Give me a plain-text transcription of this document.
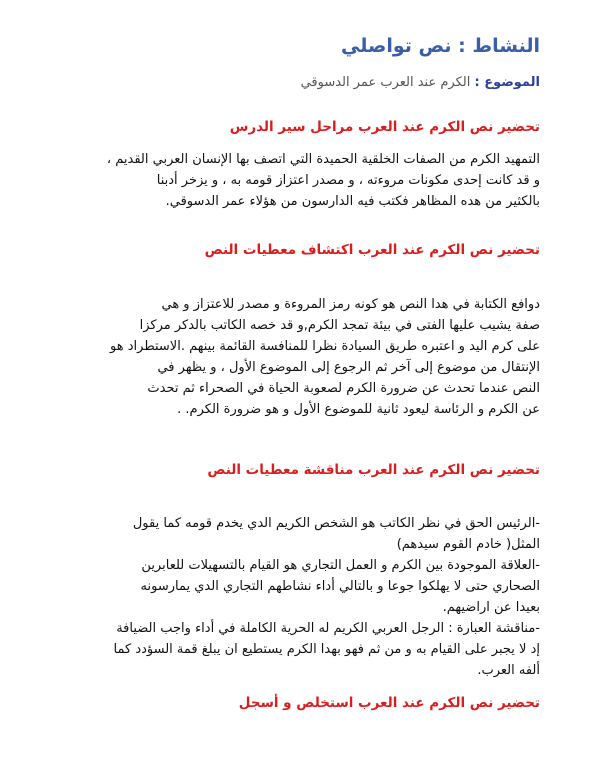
النشاط : نص تواصلي
الموضوع : الكرم عند العرب عمر الدسوقي
تحضير نص الكرم عند العرب مراحل سير الدرس

التمهيد الكرم من الصفات الخلقية الحميدة التي اتصف بها الإنسان العربي القديم ،

و قد كانت إحدى مكونات مروءته ، و مصدر اعتزاز قومه به ، و يزخر أدبنا

بالكثير من هده المظاهر فكتب فيه الدارسون من هؤلاء عمر الدسوقي.

تحضير نص الكرم عند العرب اكتشاف معطيات النص

دوافع الكتابة في هدا النص هو كونه رمز المروءة و مصدر للاعتزاز و هي

صفة يشيب عليها الفتى في بيئة تمجد الكرم,و قد خصه الكاتب بالدكر مركزا

على كرم اليد و اعتبره طريق السيادة نظرا للمنافسة القائمة بينهم .الاستطراد هو

الإنتقال من موضوع إلى آخر ثم الرجوع إلى الموضوع الأول ، و يظهر في

النص عندما تحدث عن ضرورة الكرم لصعوبة الحياة في الصحراء ثم تحدث

عن الكرم و الرئاسة ليعود ثانية للموضوع الأول و هو ضرورة الكرم. .

تحضير نص الكرم عند العرب مناقشة معطيات النص

-الرئيس الحق في نظر الكاتب هو الشخص الكريم الدي يخدم قومه كما يقول

المثل( خادم القوم سيدهم)

-العلاقة الموجودة بين الكرم و العمل التجاري هو القيام بالتسهيلات للعابرين

الصحاري حتى لا يهلكوا جوعا و بالتالي أداء نشاطهم التجاري الدي يمارسونه

بعيدا عن اراضيهم.

-مناقشة العبارة : الرجل العربي الكريم له الحرية الكاملة في أداء واجب الضيافة

إد لا يجبر على القيام به و من ثم فهو بهدا الكرم يستطيع ان يبلغ قمة السؤدد كما

ألفه العرب.

تحضير نص الكرم عند العرب استخلص و أسجل
